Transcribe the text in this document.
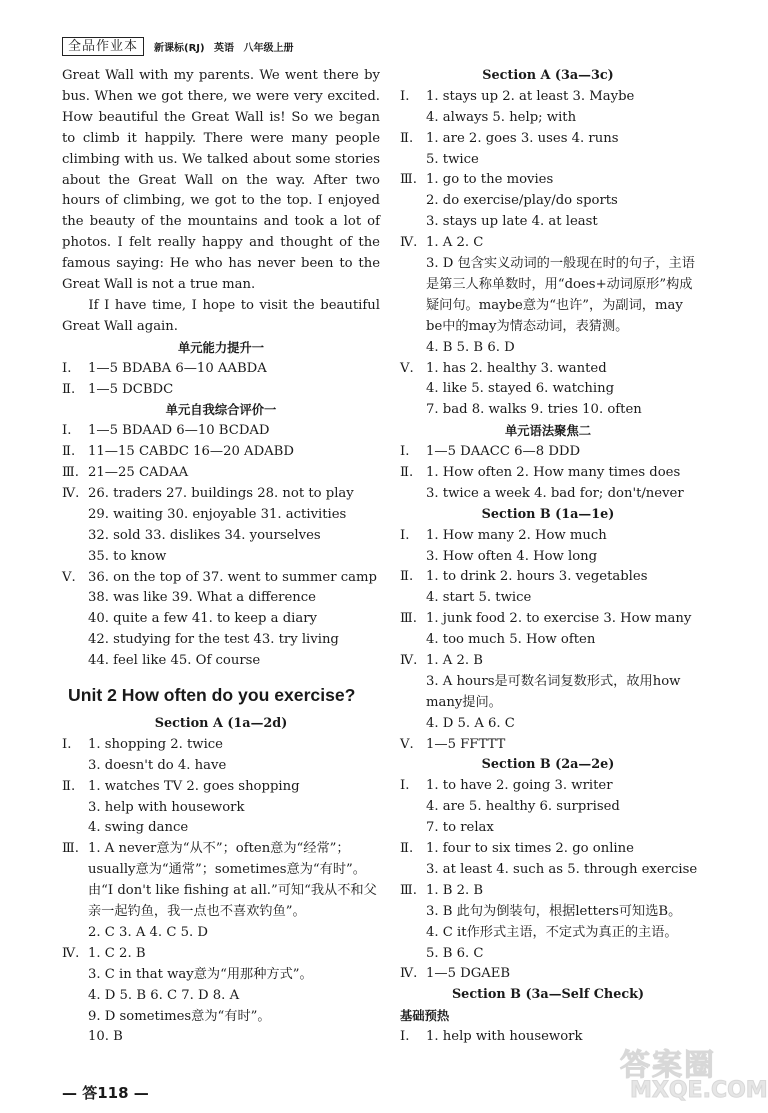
全品作业本	新课标(RJ) 英语 八年级上册

Great Wall with my parents. We went there by bus. When we got there, we were very excited. How beautiful the Great Wall is! So we began to climb it happily. There were many people climbing with us. We talked about some stories about the Great Wall on the way. After two hours of climbing, we got to the top. I enjoyed the beauty of the mountains and took a lot of photos. I felt really happy and thought of the famous saying: He who has never been to the Great Wall is not a true man.

If I have time, I hope to visit the beautiful Great Wall again.

单元能力提升一
Ⅰ.	1—5 BDABA 6—10 AABDA
Ⅱ. 1—5 DCBDC
单元自我综合评价一
Ⅰ.	1—5 BDAAD 6—10 BCDAD
Ⅱ. 11—15 CABDC 16—20 ADABD
Ⅲ. 21—25 CADAA
Ⅳ. 26. traders 27. buildings 28. not to play
29. waiting 30. enjoyable 31. activities
32. sold 33. dislikes 34. yourselves
35. to know
Ⅴ. 36. on the top of 37. went to summer camp
38. was like 39. What a difference
40. quite a few 41. to keep a diary
42. studying for the test 43. try living
44. feel like 45. Of course
Unit 2 How often do you exercise?
Section A (1a—2d)
Ⅰ.	1. shopping 2. twice
3. doesn't do 4. have
Ⅱ. 1. watches TV 2. goes shopping
3. help with housework
4. swing dance
Ⅲ. 1. A never意为“从不”；often意为“经常”；usually意为“通常”；sometimes意为“有时”。由“I don't like fishing at all.”可知“我从不和父亲一起钓鱼，我一点也不喜欢钓鱼”。
2. C 3. A 4. C 5. D
Ⅳ. 1. C 2. B
3. C in that way意为“用那种方式”。
4. D 5. B 6. C 7. D 8. A
9. D sometimes意为“有时”。
10. B
Section A (3a—3c)
Ⅰ.	1. stays up 2. at least 3. Maybe
4. always 5. help; with
Ⅱ. 1. are 2. goes 3. uses 4. runs
5. twice
Ⅲ. 1. go to the movies
2. do exercise/play/do sports
3. stays up late 4. at least
Ⅳ. 1. A 2. C
3. D 包含实义动词的一般现在时的句子，主语是第三人称单数时，用“does+动词原形”构成疑问句。maybe意为“也许”，为副词，may be中的may为情态动词，表猜测。
4. B 5. B 6. D
Ⅴ. 1. has 2. healthy 3. wanted
4. like 5. stayed 6. watching
7. bad 8. walks 9. tries 10. often
单元语法聚焦二
Ⅰ.	1—5 DAACC 6—8 DDD
Ⅱ. 1. How often 2. How many times does
3. twice a week 4. bad for; don't/never
Section B (1a—1e)
Ⅰ.	1. How many 2. How much
3. How often 4. How long
Ⅱ. 1. to drink 2. hours 3. vegetables
4. start 5. twice
Ⅲ. 1. junk food 2. to exercise 3. How many
4. too much 5. How often
Ⅳ. 1. A 2. B
3. A hours是可数名词复数形式，故用how many提问。
4. D 5. A 6. C
Ⅴ. 1—5 FFTTT
Section B (2a—2e)
Ⅰ.	1. to have 2. going 3. writer
4. are 5. healthy 6. surprised
7. to relax
Ⅱ. 1. four to six times 2. go online
3. at least 4. such as 5. through exercise
Ⅲ. 1. B 2. B
3. B 此句为倒装句，根据letters可知选B。
4. C it作形式主语，不定式为真正的主语。
5. B 6. C
Ⅳ. 1—5 DGAEB
Section B (3a—Self Check)
基础预热
Ⅰ.	1. help with housework
— 答118 —
答案圈
MXQE.COM
